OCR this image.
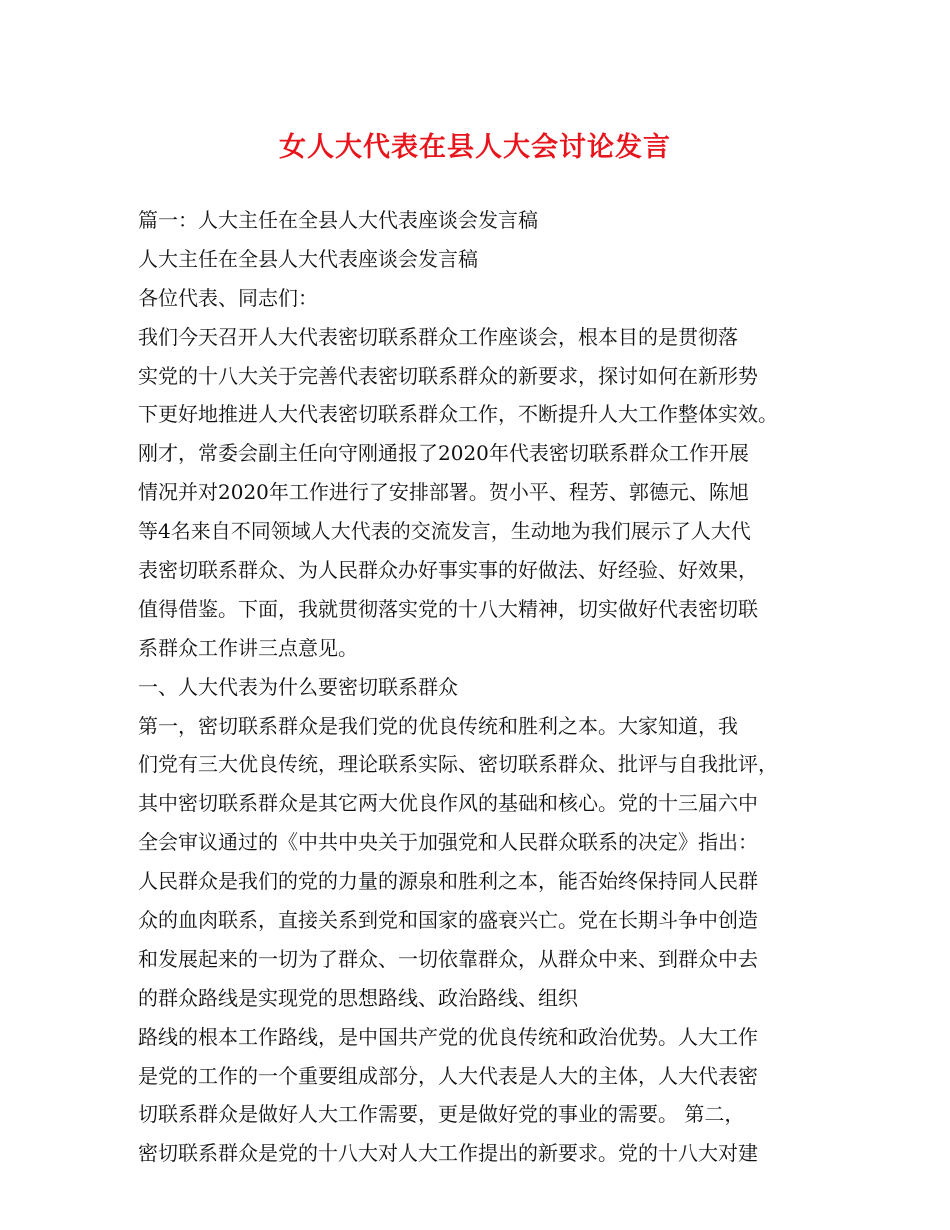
女人大代表在县人大会讨论发言
篇一：人大主任在全县人大代表座谈会发言稿
人大主任在全县人大代表座谈会发言稿
各位代表、同志们：
我们今天召开人大代表密切联系群众工作座谈会，根本目的是贯彻落
实党的十八大关于完善代表密切联系群众的新要求，探讨如何在新形势
下更好地推进人大代表密切联系群众工作，不断提升人大工作整体实效。
刚才，常委会副主任向守刚通报了2020年代表密切联系群众工作开展
情况并对2020年工作进行了安排部署。贺小平、程芳、郭德元、陈旭
等4名来自不同领域人大代表的交流发言，生动地为我们展示了人大代
表密切联系群众、为人民群众办好事实事的好做法、好经验、好效果，
值得借鉴。下面，我就贯彻落实党的十八大精神，切实做好代表密切联
系群众工作讲三点意见。
一、人大代表为什么要密切联系群众
第一，密切联系群众是我们党的优良传统和胜利之本。大家知道，我
们党有三大优良传统，理论联系实际、密切联系群众、批评与自我批评，
其中密切联系群众是其它两大优良作风的基础和核心。党的十三届六中
全会审议通过的《中共中央关于加强党和人民群众联系的决定》指出：
人民群众是我们的党的力量的源泉和胜利之本，能否始终保持同人民群
众的血肉联系，直接关系到党和国家的盛衰兴亡。党在长期斗争中创造
和发展起来的一切为了群众、一切依靠群众，从群众中来、到群众中去
的群众路线是实现党的思想路线、政治路线、组织
路线的根本工作路线，是中国共产党的优良传统和政治优势。人大工作
是党的工作的一个重要组成部分，人大代表是人大的主体，人大代表密
切联系群众是做好人大工作需要，更是做好党的事业的需要。 第二，
密切联系群众是党的十八大对人大工作提出的新要求。党的十八大对建
